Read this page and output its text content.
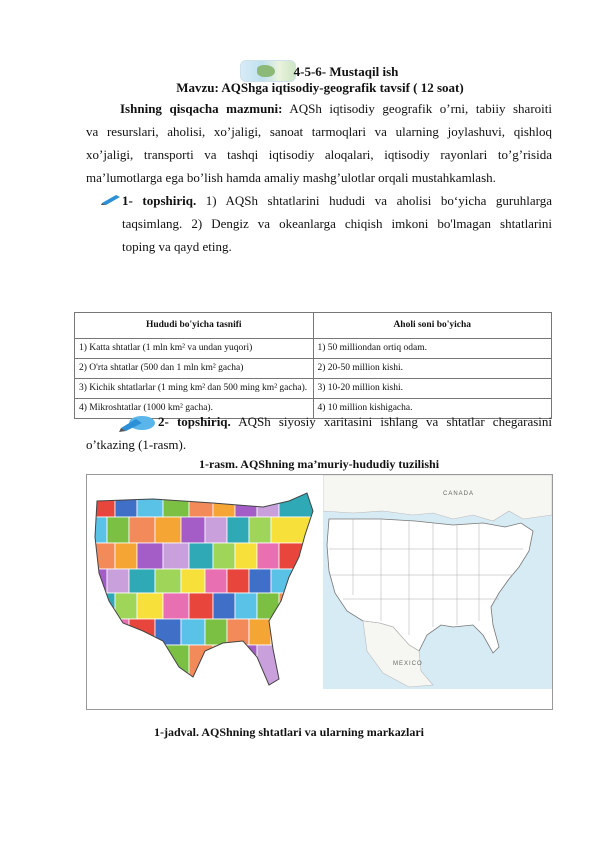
4-5-6- Mustaqil ish
Mavzu: AQShga iqtisodiy-geografik tavsif ( 12 soat)
Ishning qisqacha mazmuni: AQSh iqtisodiy geografik o’rni, tabiiy sharoiti
va resurslari, aholisi, xo’jaligi, sanoat tarmoqlari va ularning joylashuvi, qishloq
xo’jaligi, transporti va tashqi iqtisodiy aloqalari, iqtisodiy rayonlari to’g’risida
ma’lumotlarga ega bo’lish hamda amaliy mashg’ulotlar orqali mustahkamlash.
1- topshiriq. 1) AQSh shtatlarini hududi va aholisi bo‘yicha guruhlarga
taqsimlang. 2) Dengiz va okeanlarga chiqish imkoni bo'lmagan shtatlarini
toping va qayd eting.
Hududi bo'yicha tasnifi	Aholi soni bo'yicha
1) Katta shtatlar (1 mln km² va undan yuqori)	1) 50 milliondan ortiq odam.
2) O'rta shtatlar (500 dan 1 mln km² gacha)	2) 20-50 million kishi.
3) Kichik shtatlarlar (1 ming km² dan 500 ming km² gacha).	3) 10-20 million kishi.
4) Mikroshtatlar (1000 km² gacha).	4) 10 million kishigacha.
2- topshiriq. AQSh siyosiy xaritasini ishlang va shtatlar chegarasini
o’tkazing (1-rasm).
1-rasm. AQShning ma’muriy-hududiy tuzilishi
CANADA
MEXICO
1-jadval. AQShning shtatlari va ularning markazlari
